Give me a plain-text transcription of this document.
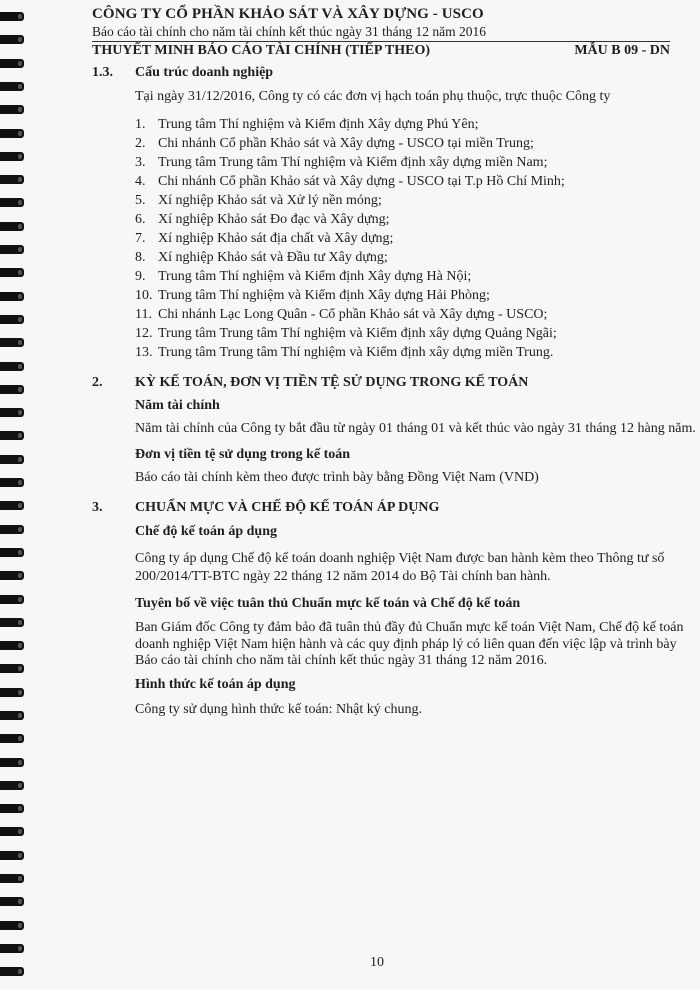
CÔNG TY CỔ PHẦN KHẢO SÁT VÀ XÂY DỰNG - USCO
Báo cáo tài chính cho năm tài chính kết thúc ngày 31 tháng 12 năm 2016
THUYẾT MINH BÁO CÁO TÀI CHÍNH (TIẾP THEO)	MẪU B 09 - DN
1.3. Cấu trúc doanh nghiệp
Tại ngày 31/12/2016, Công ty có các đơn vị hạch toán phụ thuộc, trực thuộc Công ty
1. Trung tâm Thí nghiệm và Kiểm định Xây dựng Phú Yên;
2. Chi nhánh Cổ phần Khảo sát và Xây dựng - USCO tại miền Trung;
3. Trung tâm Trung tâm Thí nghiệm và Kiểm định xây dựng miền Nam;
4. Chi nhánh Cổ phần Khảo sát và Xây dựng - USCO tại T.p Hồ Chí Minh;
5. Xí nghiệp Khảo sát và Xử lý nền móng;
6. Xí nghiệp Khảo sát Đo đạc và Xây dựng;
7. Xí nghiệp Khảo sát địa chất và Xây dựng;
8. Xí nghiệp Khảo sát và Đầu tư Xây dựng;
9. Trung tâm Thí nghiệm và Kiểm định Xây dựng Hà Nội;
10. Trung tâm Thí nghiệm và Kiểm định Xây dựng Hải Phòng;
11. Chi nhánh Lạc Long Quân - Cổ phần Khảo sát và Xây dựng - USCO;
12. Trung tâm Trung tâm Thí nghiệm và Kiểm định xây dựng Quảng Ngãi;
13. Trung tâm Trung tâm Thí nghiệm và Kiểm định xây dựng miền Trung.
2. KỲ KẾ TOÁN, ĐƠN VỊ TIỀN TỆ SỬ DỤNG TRONG KẾ TOÁN
Năm tài chính
Năm tài chính của Công ty bắt đầu từ ngày 01 tháng 01 và kết thúc vào ngày 31 tháng 12 hàng năm.
Đơn vị tiền tệ sử dụng trong kế toán
Báo cáo tài chính kèm theo được trình bày bằng Đồng Việt Nam (VND)
3. CHUẨN MỰC VÀ CHẾ ĐỘ KẾ TOÁN ÁP DỤNG
Chế độ kế toán áp dụng
Công ty áp dụng Chế độ kế toán doanh nghiệp Việt Nam được ban hành kèm theo Thông tư số
200/2014/TT-BTC ngày 22 tháng 12 năm 2014 do Bộ Tài chính ban hành.
Tuyên bố về việc tuân thủ Chuẩn mực kế toán và Chế độ kế toán
Ban Giám đốc Công ty đảm bảo đã tuân thủ đầy đủ Chuẩn mực kế toán Việt Nam, Chế độ kế toán
doanh nghiệp Việt Nam hiện hành và các quy định pháp lý có liên quan đến việc lập và trình bày
Báo cáo tài chính cho năm tài chính kết thúc ngày 31 tháng 12 năm 2016.
Hình thức kế toán áp dụng
Công ty sử dụng hình thức kế toán: Nhật ký chung.
10
